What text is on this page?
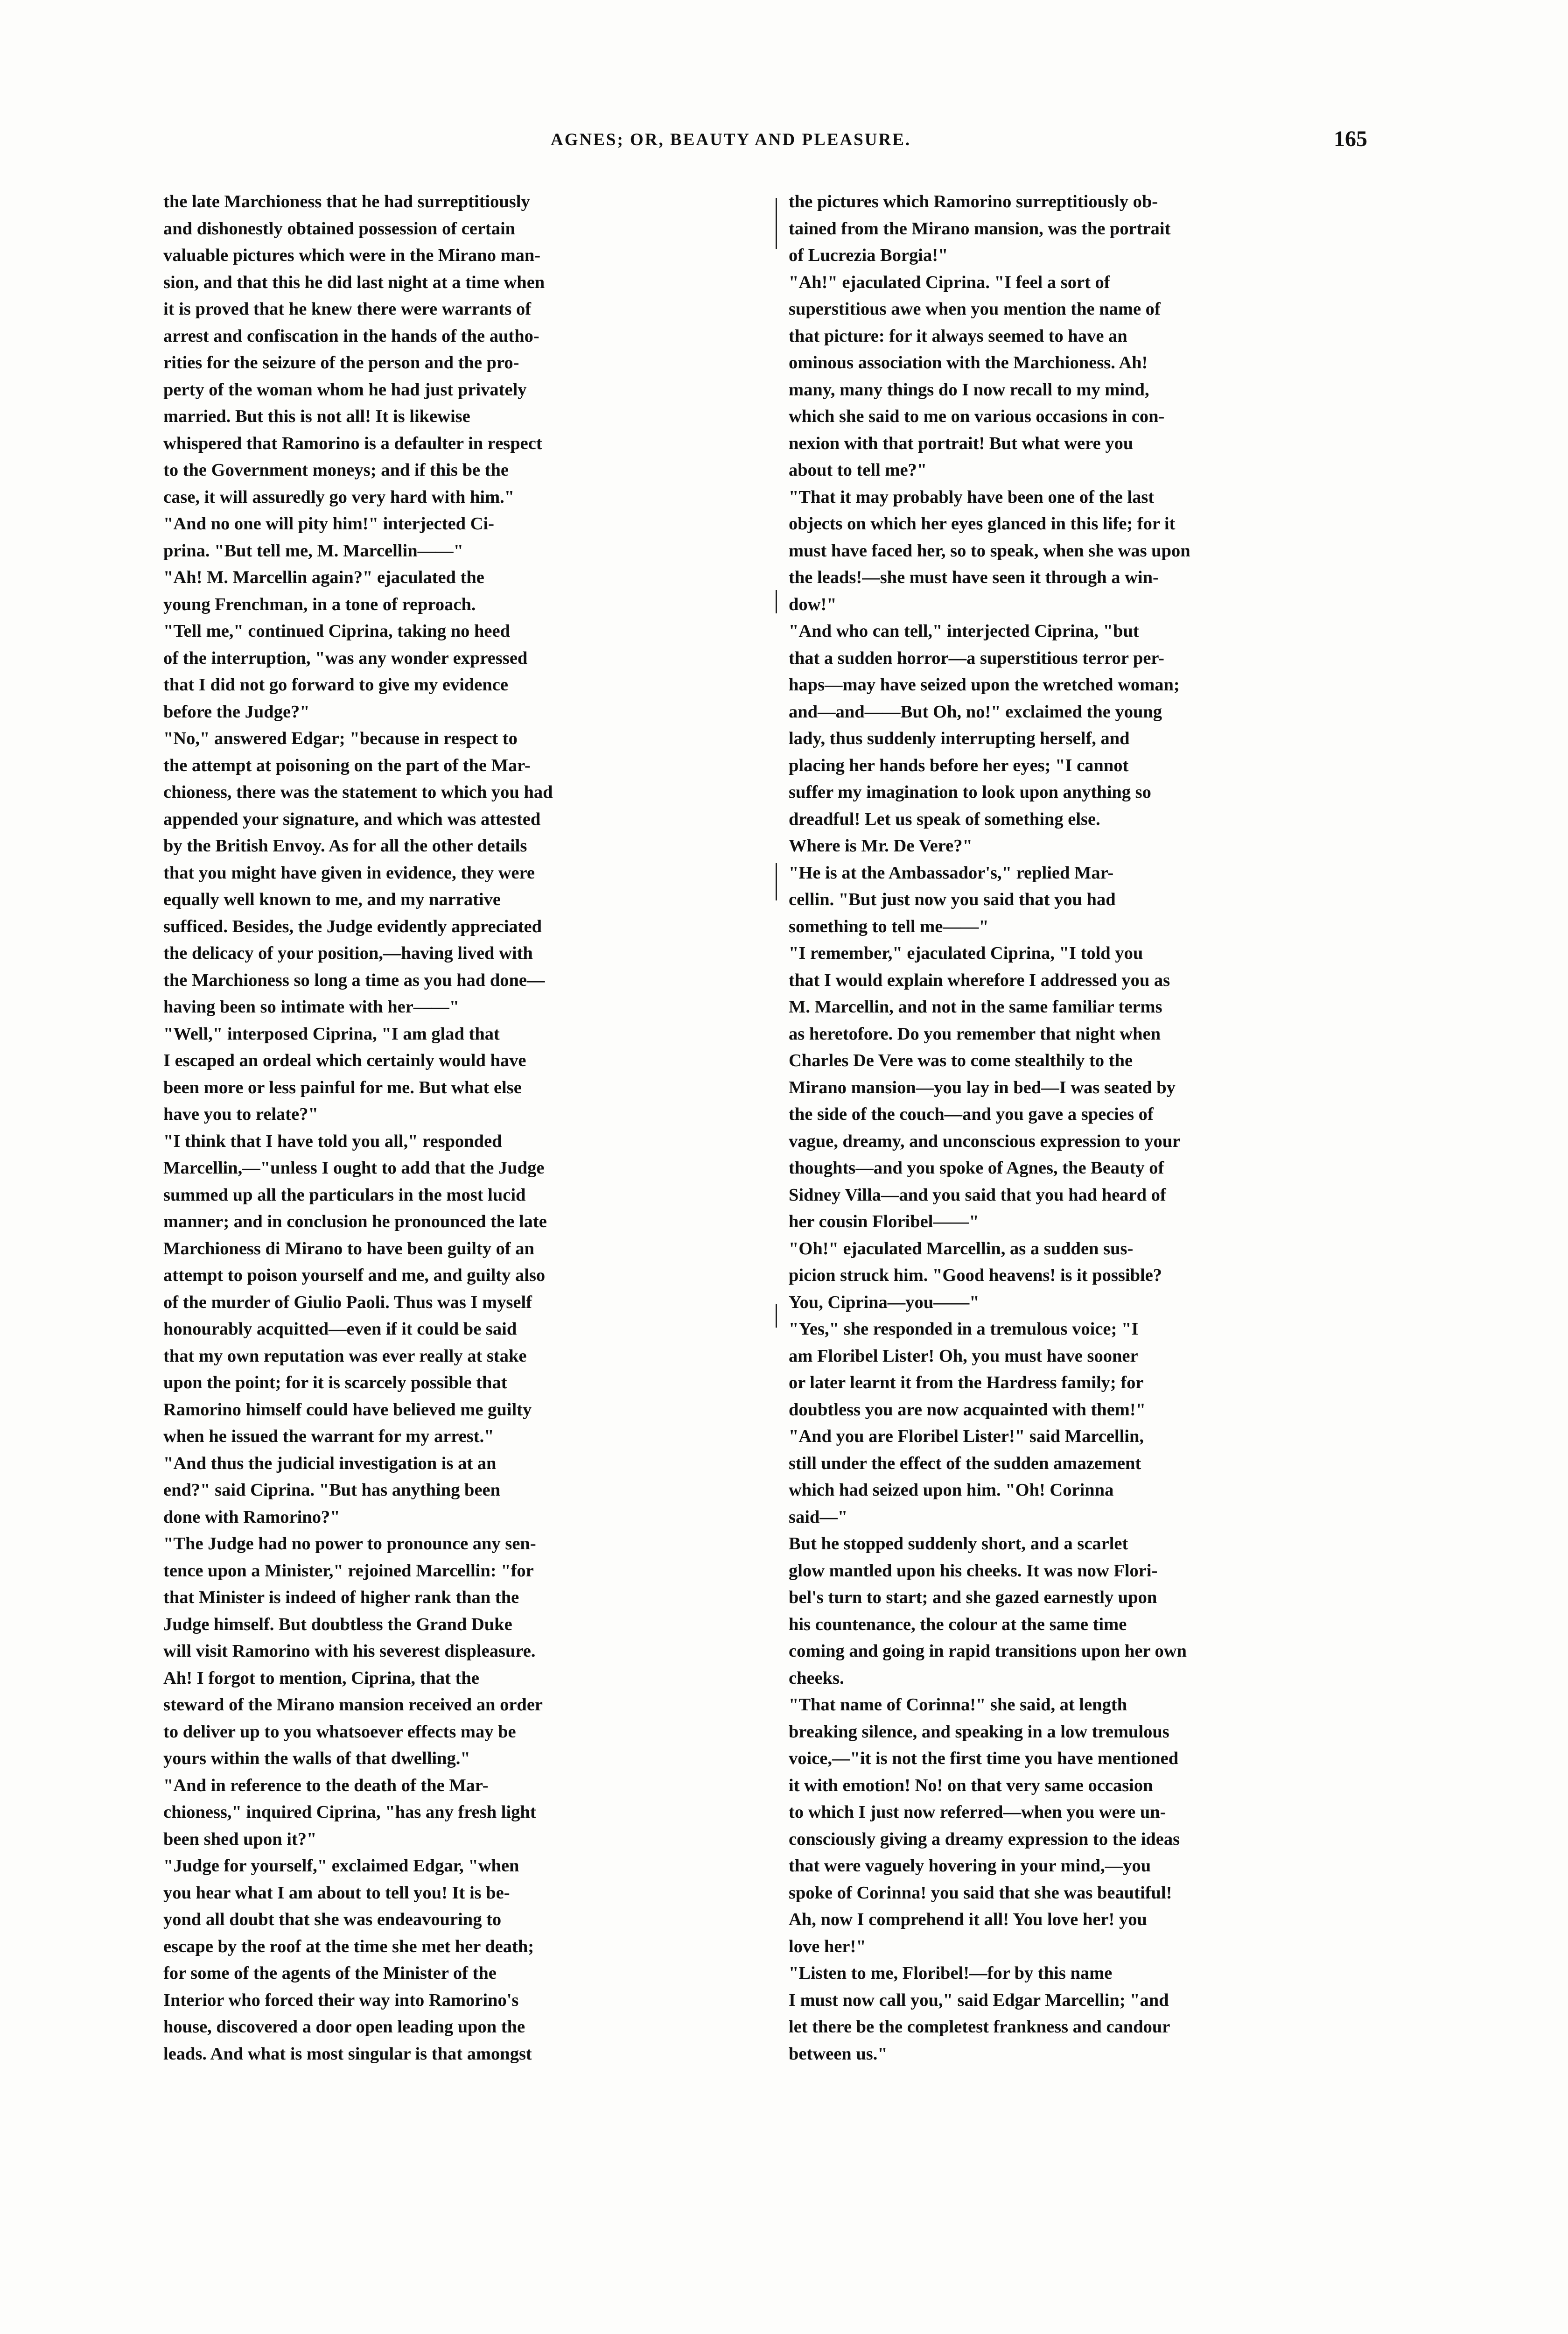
AGNES; OR, BEAUTY AND PLEASURE.	165
the late Marchioness that he had surreptitiously
and dishonestly obtained possession of certain
valuable pictures which were in the Mirano man-
sion, and that this he did last night at a time when
it is proved that he knew there were warrants of
arrest and confiscation in the hands of the autho-
rities for the seizure of the person and the pro-
perty of the woman whom he had just privately
married. But this is not all! It is likewise
whispered that Ramorino is a defaulter in respect
to the Government moneys; and if this be the
case, it will assuredly go very hard with him."
"And no one will pity him!" interjected Ci-
prina. "But tell me, M. Marcellin——"
"Ah! M. Marcellin again?" ejaculated the
young Frenchman, in a tone of reproach.
"Tell me," continued Ciprina, taking no heed
of the interruption, "was any wonder expressed
that I did not go forward to give my evidence
before the Judge?"
"No," answered Edgar; "because in respect to
the attempt at poisoning on the part of the Mar-
chioness, there was the statement to which you had
appended your signature, and which was attested
by the British Envoy. As for all the other details
that you might have given in evidence, they were
equally well known to me, and my narrative
sufficed. Besides, the Judge evidently appreciated
the delicacy of your position,—having lived with
the Marchioness so long a time as you had done—
having been so intimate with her——"
"Well," interposed Ciprina, "I am glad that
I escaped an ordeal which certainly would have
been more or less painful for me. But what else
have you to relate?"
"I think that I have told you all," responded
Marcellin,—"unless I ought to add that the Judge
summed up all the particulars in the most lucid
manner; and in conclusion he pronounced the late
Marchioness di Mirano to have been guilty of an
attempt to poison yourself and me, and guilty also
of the murder of Giulio Paoli. Thus was I myself
honourably acquitted—even if it could be said
that my own reputation was ever really at stake
upon the point; for it is scarcely possible that
Ramorino himself could have believed me guilty
when he issued the warrant for my arrest."
"And thus the judicial investigation is at an
end?" said Ciprina. "But has anything been
done with Ramorino?"
"The Judge had no power to pronounce any sen-
tence upon a Minister," rejoined Marcellin: "for
that Minister is indeed of higher rank than the
Judge himself. But doubtless the Grand Duke
will visit Ramorino with his severest displeasure.
Ah! I forgot to mention, Ciprina, that the
steward of the Mirano mansion received an order
to deliver up to you whatsoever effects may be
yours within the walls of that dwelling."
"And in reference to the death of the Mar-
chioness," inquired Ciprina, "has any fresh light
been shed upon it?"
"Judge for yourself," exclaimed Edgar, "when
you hear what I am about to tell you! It is be-
yond all doubt that she was endeavouring to
escape by the roof at the time she met her death;
for some of the agents of the Minister of the
Interior who forced their way into Ramorino's
house, discovered a door open leading upon the
leads. And what is most singular is that amongst
the pictures which Ramorino surreptitiously ob-
tained from the Mirano mansion, was the portrait
of Lucrezia Borgia!"
"Ah!" ejaculated Ciprina. "I feel a sort of
superstitious awe when you mention the name of
that picture: for it always seemed to have an
ominous association with the Marchioness. Ah!
many, many things do I now recall to my mind,
which she said to me on various occasions in con-
nexion with that portrait! But what were you
about to tell me?"
"That it may probably have been one of the last
objects on which her eyes glanced in this life; for it
must have faced her, so to speak, when she was upon
the leads!—she must have seen it through a win-
dow!"
"And who can tell," interjected Ciprina, "but
that a sudden horror—a superstitious terror per-
haps—may have seized upon the wretched woman;
and—and——But Oh, no!" exclaimed the young
lady, thus suddenly interrupting herself, and
placing her hands before her eyes; "I cannot
suffer my imagination to look upon anything so
dreadful! Let us speak of something else.
Where is Mr. De Vere?"
"He is at the Ambassador's," replied Mar-
cellin. "But just now you said that you had
something to tell me——"
"I remember," ejaculated Ciprina, "I told you
that I would explain wherefore I addressed you as
M. Marcellin, and not in the same familiar terms
as heretofore. Do you remember that night when
Charles De Vere was to come stealthily to the
Mirano mansion—you lay in bed—I was seated by
the side of the couch—and you gave a species of
vague, dreamy, and unconscious expression to your
thoughts—and you spoke of Agnes, the Beauty of
Sidney Villa—and you said that you had heard of
her cousin Floribel——"
"Oh!" ejaculated Marcellin, as a sudden sus-
picion struck him. "Good heavens! is it possible?
You, Ciprina—you——"
"Yes," she responded in a tremulous voice; "I
am Floribel Lister! Oh, you must have sooner
or later learnt it from the Hardress family; for
doubtless you are now acquainted with them!"
"And you are Floribel Lister!" said Marcellin,
still under the effect of the sudden amazement
which had seized upon him. "Oh! Corinna
said—"
But he stopped suddenly short, and a scarlet
glow mantled upon his cheeks. It was now Flori-
bel's turn to start; and she gazed earnestly upon
his countenance, the colour at the same time
coming and going in rapid transitions upon her own
cheeks.
"That name of Corinna!" she said, at length
breaking silence, and speaking in a low tremulous
voice,—"it is not the first time you have mentioned
it with emotion! No! on that very same occasion
to which I just now referred—when you were un-
consciously giving a dreamy expression to the ideas
that were vaguely hovering in your mind,—you
spoke of Corinna! you said that she was beautiful!
Ah, now I comprehend it all! You love her! you
love her!"
"Listen to me, Floribel!—for by this name
I must now call you," said Edgar Marcellin; "and
let there be the completest frankness and candour
between us."
